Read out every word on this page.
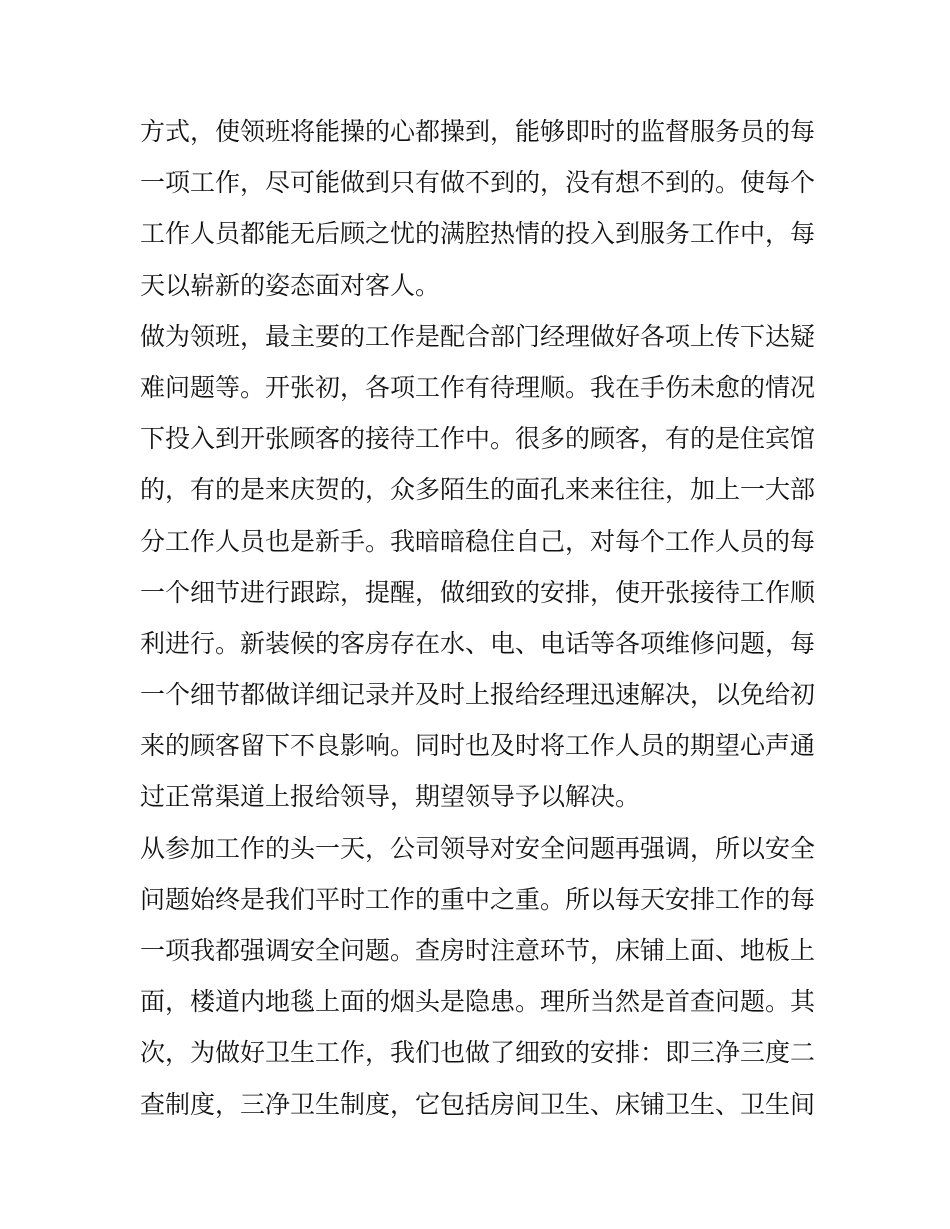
方式，使领班将能操的心都操到，能够即时的监督服务员的每
一项工作，尽可能做到只有做不到的，没有想不到的。使每个
工作人员都能无后顾之忧的满腔热情的投入到服务工作中，每
天以崭新的姿态面对客人。
做为领班，最主要的工作是配合部门经理做好各项上传下达疑
难问题等。开张初，各项工作有待理顺。我在手伤未愈的情况
下投入到开张顾客的接待工作中。很多的顾客，有的是住宾馆
的，有的是来庆贺的，众多陌生的面孔来来往往，加上一大部
分工作人员也是新手。我暗暗稳住自己，对每个工作人员的每
一个细节进行跟踪，提醒，做细致的安排，使开张接待工作顺
利进行。新装候的客房存在水、电、电话等各项维修问题，每
一个细节都做详细记录并及时上报给经理迅速解决，以免给初
来的顾客留下不良影响。同时也及时将工作人员的期望心声通
过正常渠道上报给领导，期望领导予以解决。
从参加工作的头一天，公司领导对安全问题再强调，所以安全
问题始终是我们平时工作的重中之重。所以每天安排工作的每
一项我都强调安全问题。查房时注意环节，床铺上面、地板上
面，楼道内地毯上面的烟头是隐患。理所当然是首查问题。其
次，为做好卫生工作，我们也做了细致的安排：即三净三度二
查制度，三净卫生制度，它包括房间卫生、床铺卫生、卫生间
